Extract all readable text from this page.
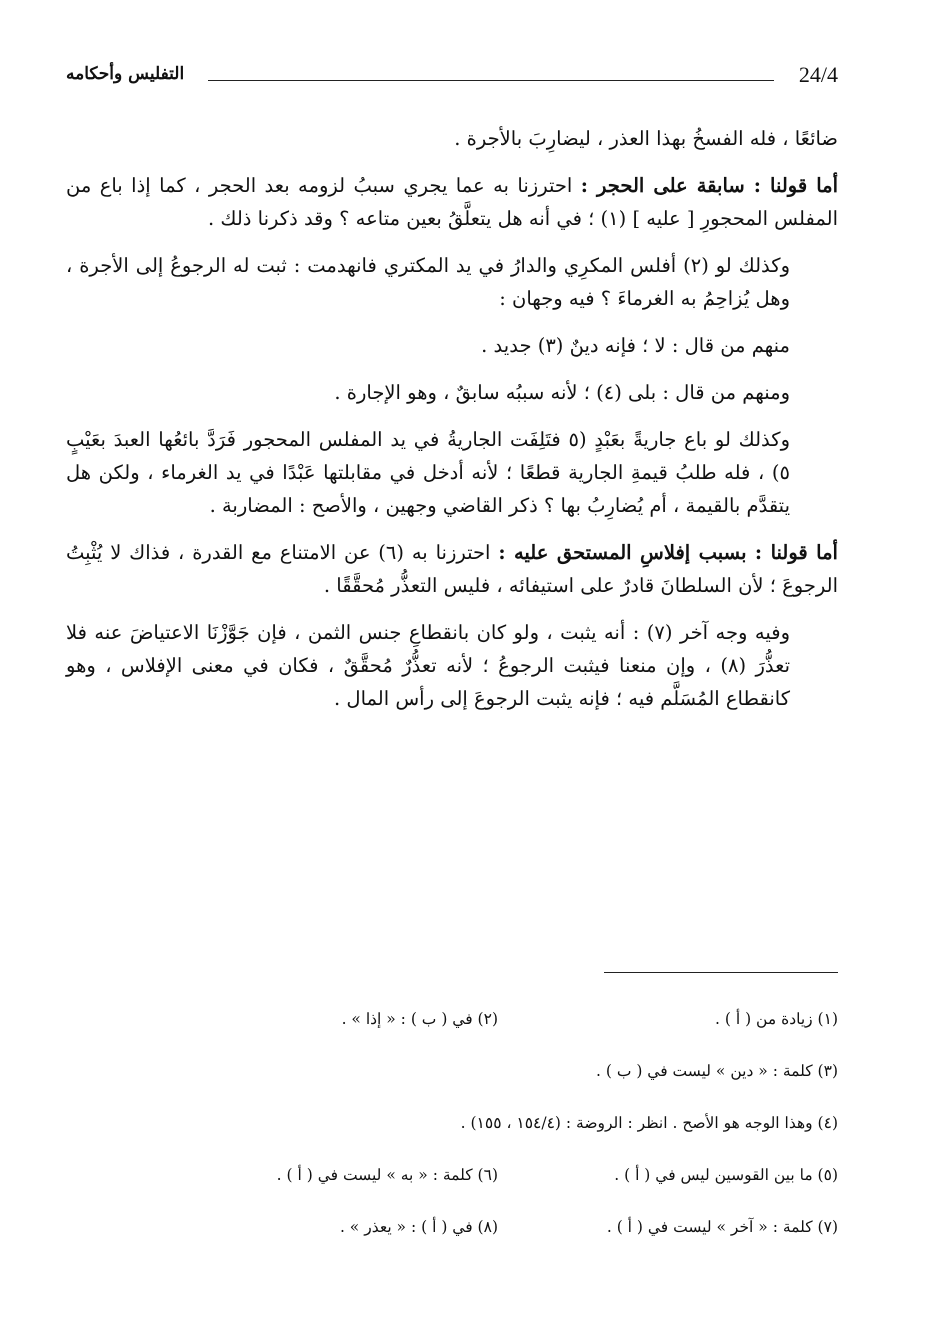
24/4
التفليس وأحكامه

ضائعًا ، فله الفسخُ بهذا العذر ، ليضارِبَ بالأجرة .

أما قولنا : سابقة على الحجر : احترزنا به عما يجري سببُ لزومه بعد الحجر ، كما إذا باع من المفلس المحجورِ [ عليه ] (١) ؛ في أنه هل يتعلَّقُ بعين متاعه ؟ وقد ذكرنا ذلك .

وكذلك لو (٢) أفلس المكرِي والدارُ في يد المكتري فانهدمت : ثبت له الرجوعُ إلى الأجرة ، وهل يُزاحِمُ به الغرماءَ ؟ فيه وجهان :

منهم من قال : لا ؛ فإنه دينٌ (٣) جديد .

ومنهم من قال : بلى (٤) ؛ لأنه سببُه سابقٌ ، وهو الإجارة .

وكذلك لو باع جاريةً بعَبْدٍ (٥ فتَلِفَت الجاريةُ في يد المفلس المحجور فَرَدَّ بائعُها العبدَ بعَيْبٍ ٥) ، فله طلبُ قيمةِ الجارية قطعًا ؛ لأنه أدخل في مقابلتها عَبْدًا في يد الغرماء ، ولكن هل يتقدَّم بالقيمة ، أم يُضارِبُ بها ؟ ذكر القاضي وجهين ، والأصح : المضاربة .

أما قولنا : بسبب إفلاسِ المستحق عليه : احترزنا به (٦) عن الامتناع مع القدرة ، فذاك لا يُثْبِتُ الرجوعَ ؛ لأن السلطانَ قادرٌ على استيفائه ، فليس التعذُّر مُحقَّقًا .

وفيه وجه آخر (٧) : أنه يثبت ، ولو كان بانقطاعِ جنس الثمن ، فإن جَوَّزْنَا الاعتياضَ عنه فلا تعذُّرَ (٨) ، وإن منعنا فيثبت الرجوعُ ؛ لأنه تعذُّرٌ مُحقَّقٌ ، فكان في معنى الإفلاس ، وهو كانقطاع المُسَلَّم فيه ؛ فإنه يثبت الرجوعَ إلى رأس المال .

(١) زيادة من ( أ ) .
(٢) في ( ب ) : « إذا » .
(٣) كلمة : « دين » ليست في ( ب ) .
(٤) وهذا الوجه هو الأصح . انظر : الروضة : (١٥٤/٤ ، ١٥٥) .
(٥) ما بين القوسين ليس في ( أ ) .
(٦) كلمة : « به » ليست في ( أ ) .
(٧) كلمة : « آخر » ليست في ( أ ) .
(٨) في ( أ ) : « يعذر » .
